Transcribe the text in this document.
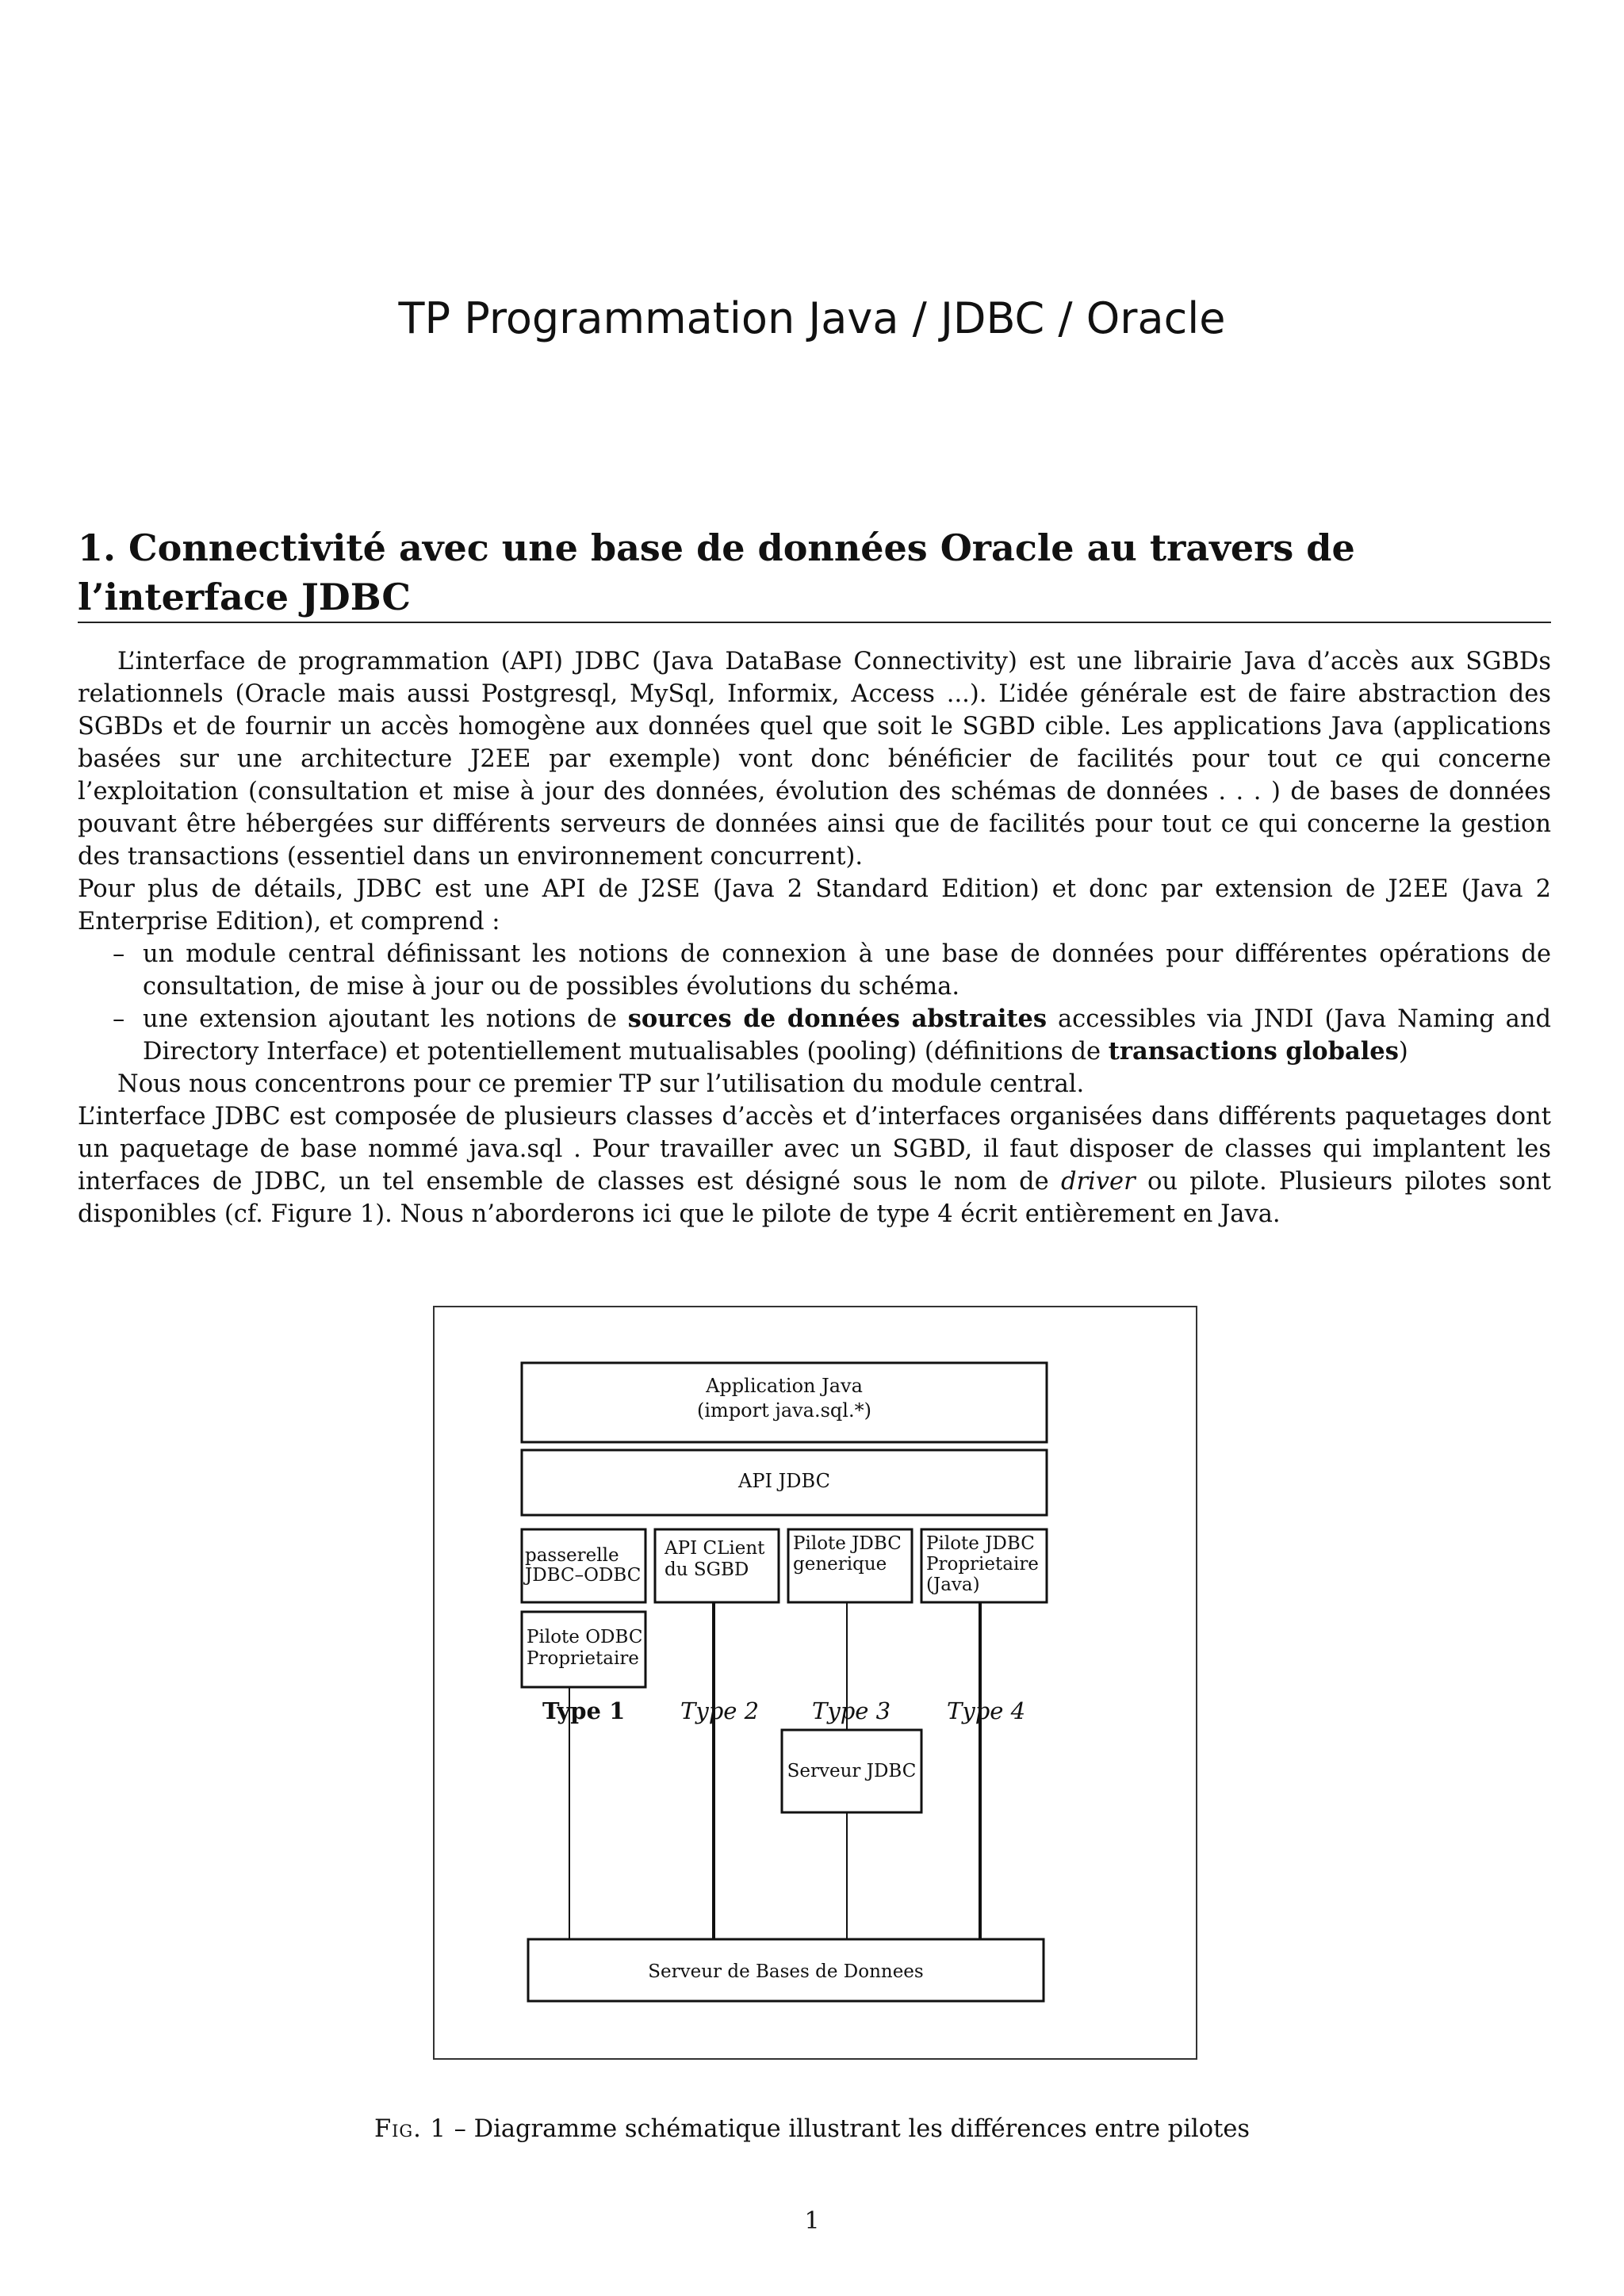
TP Programmation Java / JDBC / Oracle
1. Connectivité avec une base de données Oracle au travers de l’interface JDBC

L’interface de programmation (API) JDBC (Java DataBase Connectivity) est une librairie Java d’accès aux SGBDs relationnels (Oracle mais aussi Postgresql, MySql, Informix, Access ...). L’idée générale est de faire abstraction des SGBDs et de fournir un accès homogène aux données quel que soit le SGBD cible. Les applications Java (applications basées sur une architecture J2EE par exemple) vont donc bénéficier de facilités pour tout ce qui concerne l’exploitation (consultation et mise à jour des données, évolution des schémas de données . . . ) de bases de données pouvant être hébergées sur différents serveurs de données ainsi que de facilités pour tout ce qui concerne la gestion des transactions (essentiel dans un environnement concurrent).

Pour plus de détails, JDBC est une API de J2SE (Java 2 Standard Edition) et donc par extension de J2EE (Java 2 Enterprise Edition), et comprend :

– un module central définissant les notions de connexion à une base de données pour différentes opérations de consultation, de mise à jour ou de possibles évolutions du schéma.
– une extension ajoutant les notions de sources de données abstraites accessibles via JNDI (Java Naming and Directory Interface) et potentiellement mutualisables (pooling) (définitions de transactions globales)

Nous nous concentrons pour ce premier TP sur l’utilisation du module central.

L’interface JDBC est composée de plusieurs classes d’accès et d’interfaces organisées dans différents paquetages dont un paquetage de base nommé java.sql . Pour travailler avec un SGBD, il faut disposer de classes qui implantent les interfaces de JDBC, un tel ensemble de classes est désigné sous le nom de driver ou pilote. Plusieurs pilotes sont disponibles (cf. Figure 1). Nous n’aborderons ici que le pilote de type 4 écrit entièrement en Java.

Application Java
(import java.sql.*)
API JDBC
passerelle
JDBC–ODBC
API CLient
du SGBD
Pilote JDBC
generique
Pilote JDBC
Proprietaire
(Java)
Pilote ODBC
Proprietaire
Type 1 Type 2 Type 3 Type 4
Serveur JDBC
Serveur de Bases de Donnees
Fig. 1 – Diagramme schématique illustrant les différences entre pilotes
1
